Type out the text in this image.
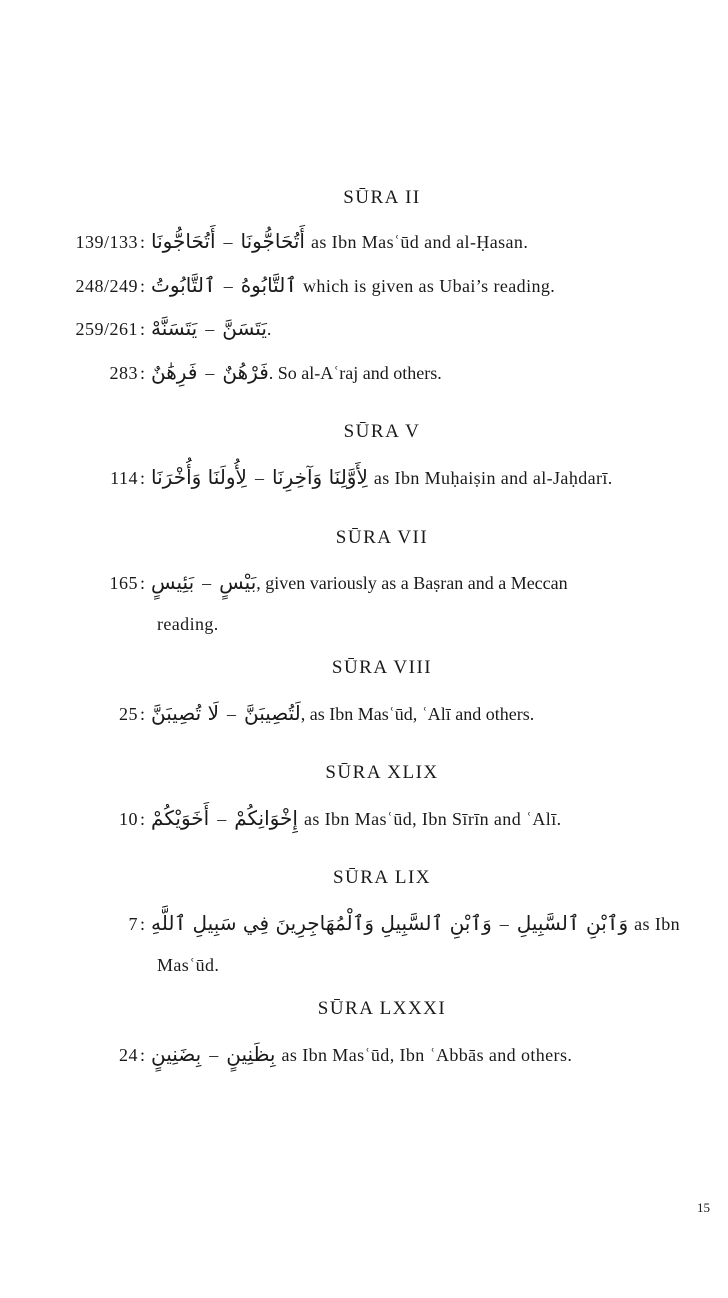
SŪRA II
139/133 : أَتُحَاجُّونَا – أَتُحَاجُّونَا as Ibn Masʿūd and al-Ḥasan.
248/249 : ٱلتَّابُوتُ – ٱلتَّابُوهُ which is given as Ubai’s reading.
259/261 : يَتَسَنَّهْ – يَتَسَنَّ .
283 : فَرِهَٰنٌ – فَرْهُنٌ . So al-Aʿraj and others.
SŪRA V
114 : لِأُولَنَا وَأُخْرَنَا – لِأَوَّلِنَا وَآخِرِنَا as Ibn Muḥaiṣin and al-Jaḥdarī.
SŪRA VII
165 : بَئِيسٍ – بَيْسٍ , given variously as a Baṣran and a Meccan
reading.
SŪRA VIII
25 : لَا تُصِيبَنَّ – لَتُصِيبَنَّ , as Ibn Masʿūd, ʿAlī and others.
SŪRA XLIX
10 : أَخَوَيْكُمْ – إِخْوَانِكُمْ as Ibn Masʿūd, Ibn Sīrīn and ʿAlī.
SŪRA LIX
7 : وَٱبْنِ ٱلسَّبِيلِ وَٱلْمُهَاجِرِينَ فِي سَبِيلِ ٱللَّهِ – وَٱبْنِ ٱلسَّبِيلِ as Ibn
Masʿūd.
SŪRA LXXXI
24 : بِضَنِينٍ – بِظَنِينٍ as Ibn Masʿūd, Ibn ʿAbbās and others.
15
